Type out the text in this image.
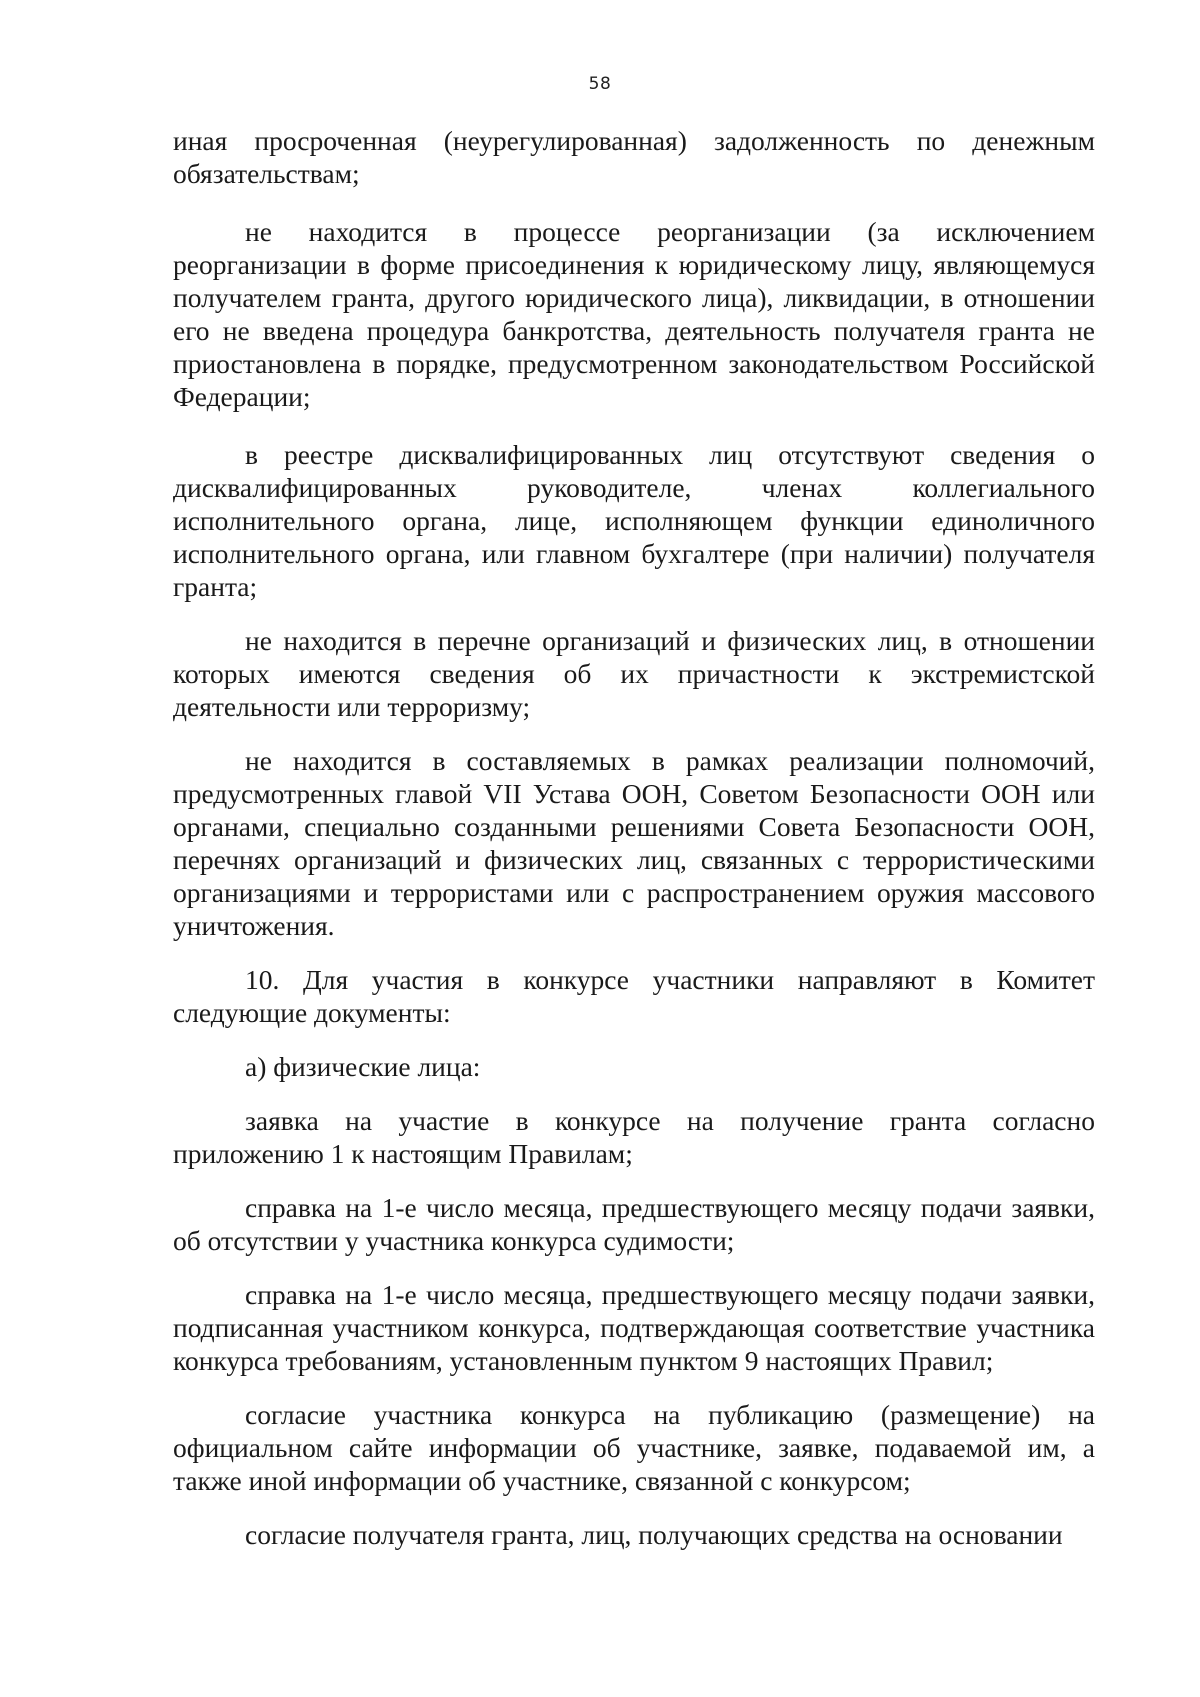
58

иная просроченная (неурегулированная) задолженность по денежным обязательствам;

не находится в процессе реорганизации (за исключением реорганизации в форме присоединения к юридическому лицу, являющемуся получателем гранта, другого юридического лица), ликвидации, в отношении его не введена процедура банкротства, деятельность получателя гранта не приостановлена в порядке, предусмотренном законодательством Российской Федерации;

в реестре дисквалифицированных лиц отсутствуют сведения о дисквалифицированных руководителе, членах коллегиального исполнительного органа, лице, исполняющем функции единоличного исполнительного органа, или главном бухгалтере (при наличии) получателя гранта;

не находится в перечне организаций и физических лиц, в отношении которых имеются сведения об их причастности к экстремистской деятельности или терроризму;

не находится в составляемых в рамках реализации полномочий, предусмотренных главой VII Устава ООН, Советом Безопасности ООН или органами, специально созданными решениями Совета Безопасности ООН, перечнях организаций и физических лиц, связанных с террористическими организациями и террористами или с распространением оружия массового уничтожения.

10. Для участия в конкурсе участники направляют в Комитет следующие документы:

а) физические лица:

заявка на участие в конкурсе на получение гранта согласно приложению 1 к настоящим Правилам;

справка на 1-е число месяца, предшествующего месяцу подачи заявки, об отсутствии у участника конкурса судимости;

справка на 1-е число месяца, предшествующего месяцу подачи заявки, подписанная участником конкурса, подтверждающая соответствие участника конкурса требованиям, установленным пунктом 9 настоящих Правил;

согласие участника конкурса на публикацию (размещение) на официальном сайте информации об участнике, заявке, подаваемой им, а также иной информации об участнике, связанной с конкурсом;

согласие получателя гранта, лиц, получающих средства на основании
